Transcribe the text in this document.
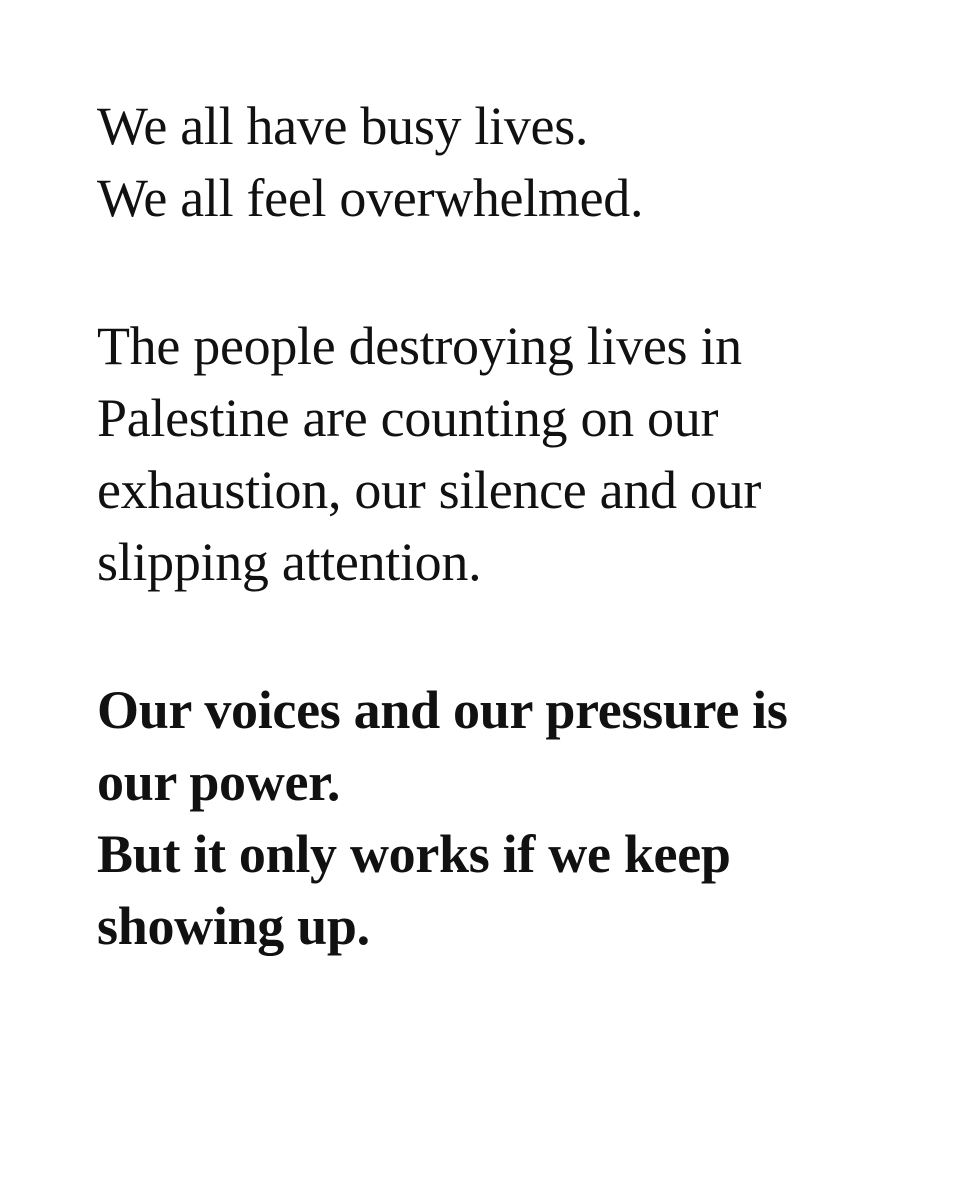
We all have busy lives.
We all feel overwhelmed.

The people destroying lives in
Palestine are counting on our
exhaustion, our silence and our
slipping attention.

Our voices and our pressure is
our power.
But it only works if we keep
showing up.
